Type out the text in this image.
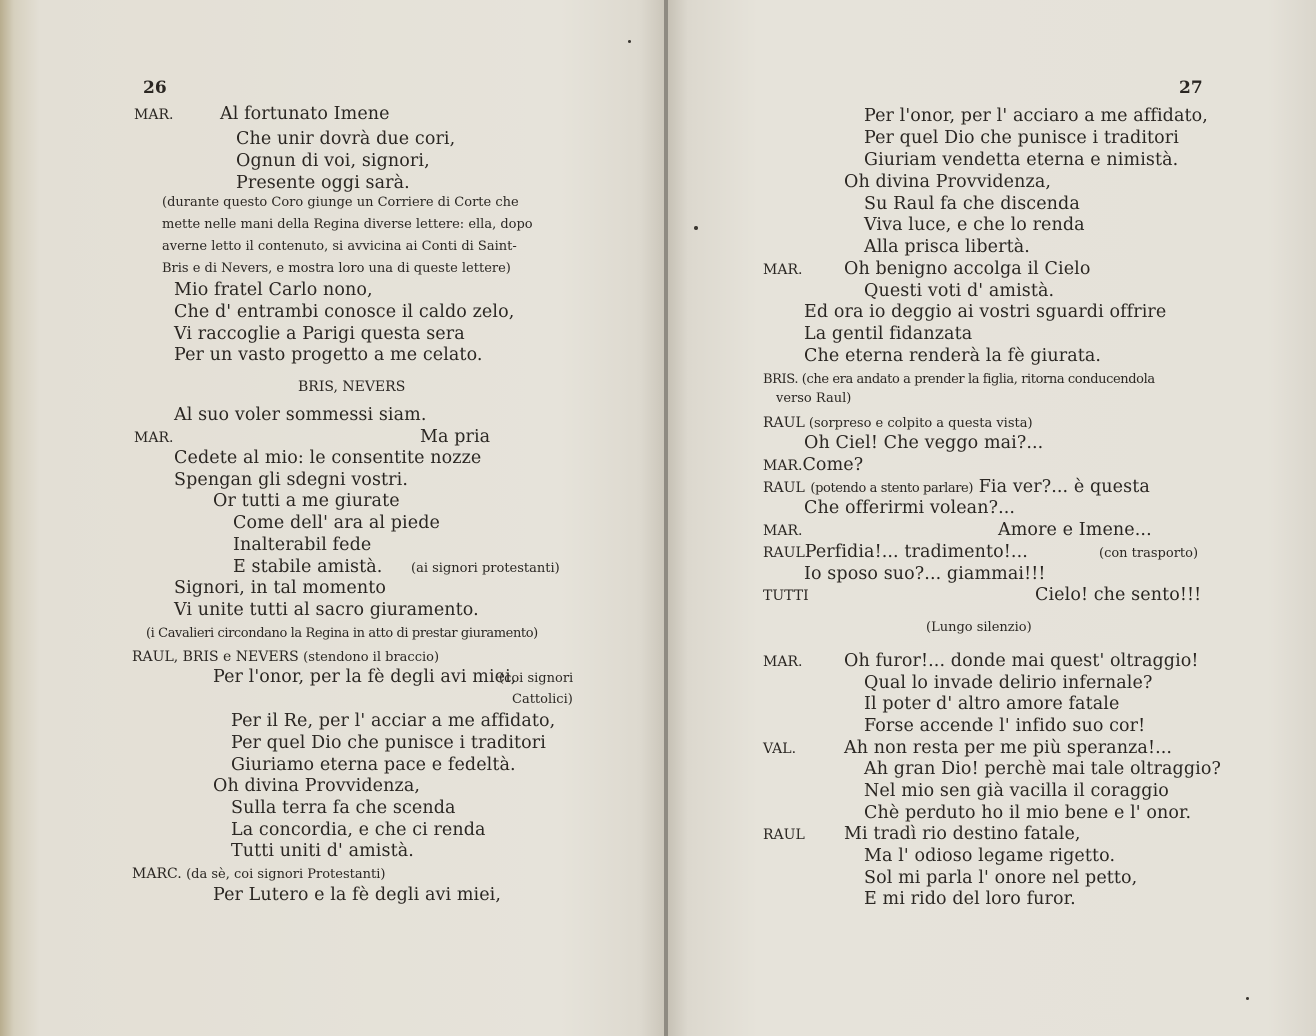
26
MAR.	Al fortunato Imene
Che unir dovrà due cori,
Ognun di voi, signori,
Presente oggi sarà.
(durante questo Coro giunge un Corriere di Corte che
mette nelle mani della Regina diverse lettere: ella, dopo
averne letto il contenuto, si avvicina ai Conti di Saint-
Bris e di Nevers, e mostra loro una di queste lettere)
Mio fratel Carlo nono,
Che d' entrambi conosce il caldo zelo,
Vi raccoglie a Parigi questa sera
Per un vasto progetto a me celato.
BRIS, NEVERS
Al suo voler sommessi siam.
MAR.	Ma pria
Cedete al mio: le consentite nozze
Spengan gli sdegni vostri.
Or tutti a me giurate
Come dell' ara al piede
Inalterabil fede
E stabile amistà. (ai signori protestanti)
Signori, in tal momento
Vi unite tutti al sacro giuramento.
(i Cavalieri circondano la Regina in atto di prestar giuramento)
RAUL, BRIS e NEVERS (stendono il braccio)
Per l'onor, per la fè degli avi miei,
(coi signori
Cattolici)
Per il Re, per l' acciar a me affidato,
Per quel Dio che punisce i traditori
Giuriamo eterna pace e fedeltà.
Oh divina Provvidenza,
Sulla terra fa che scenda
La concordia, e che ci renda
Tutti uniti d' amistà.
MARC. (da sè, coi signori Protestanti)
Per Lutero e la fè degli avi miei,
27
Per l'onor, per l' acciaro a me affidato,
Per quel Dio che punisce i traditori
Giuriam vendetta eterna e nimistà.
Oh divina Provvidenza,
Su Raul fa che discenda
Viva luce, e che lo renda
Alla prisca libertà.
MAR. Oh benigno accolga il Cielo
Questi voti d' amistà.
Ed ora io deggio ai vostri sguardi offrire
La gentil fidanzata
Che eterna renderà la fè giurata.
BRIS. (che era andato a prender la figlia, ritorna conducendola
verso Raul)
RAUL (sorpreso e colpito a questa vista)
Oh Ciel! Che veggo mai?...
MAR.Come?
RAUL (potendo a stento parlare) Fia ver?... è questa
Che offerirmi volean?...
MAR.	Amore e Imene...
RAULPerfidia!... tradimento!...	(con trasporto)
Io sposo suo?... giammai!!!
TUTTI	Cielo! che sento!!!
(Lungo silenzio)
MAR. Oh furor!... donde mai quest' oltraggio!
Qual lo invade delirio infernale?
Il poter d' altro amore fatale
Forse accende l' infido suo cor!
VAL.	Ah non resta per me più speranza!...
Ah gran Dio! perchè mai tale oltraggio?
Nel mio sen già vacilla il coraggio
Chè perduto ho il mio bene e l' onor.
RAUL Mi tradì rio destino fatale,
Ma l' odioso legame rigetto.
Sol mi parla l' onore nel petto,
E mi rido del loro furor.
